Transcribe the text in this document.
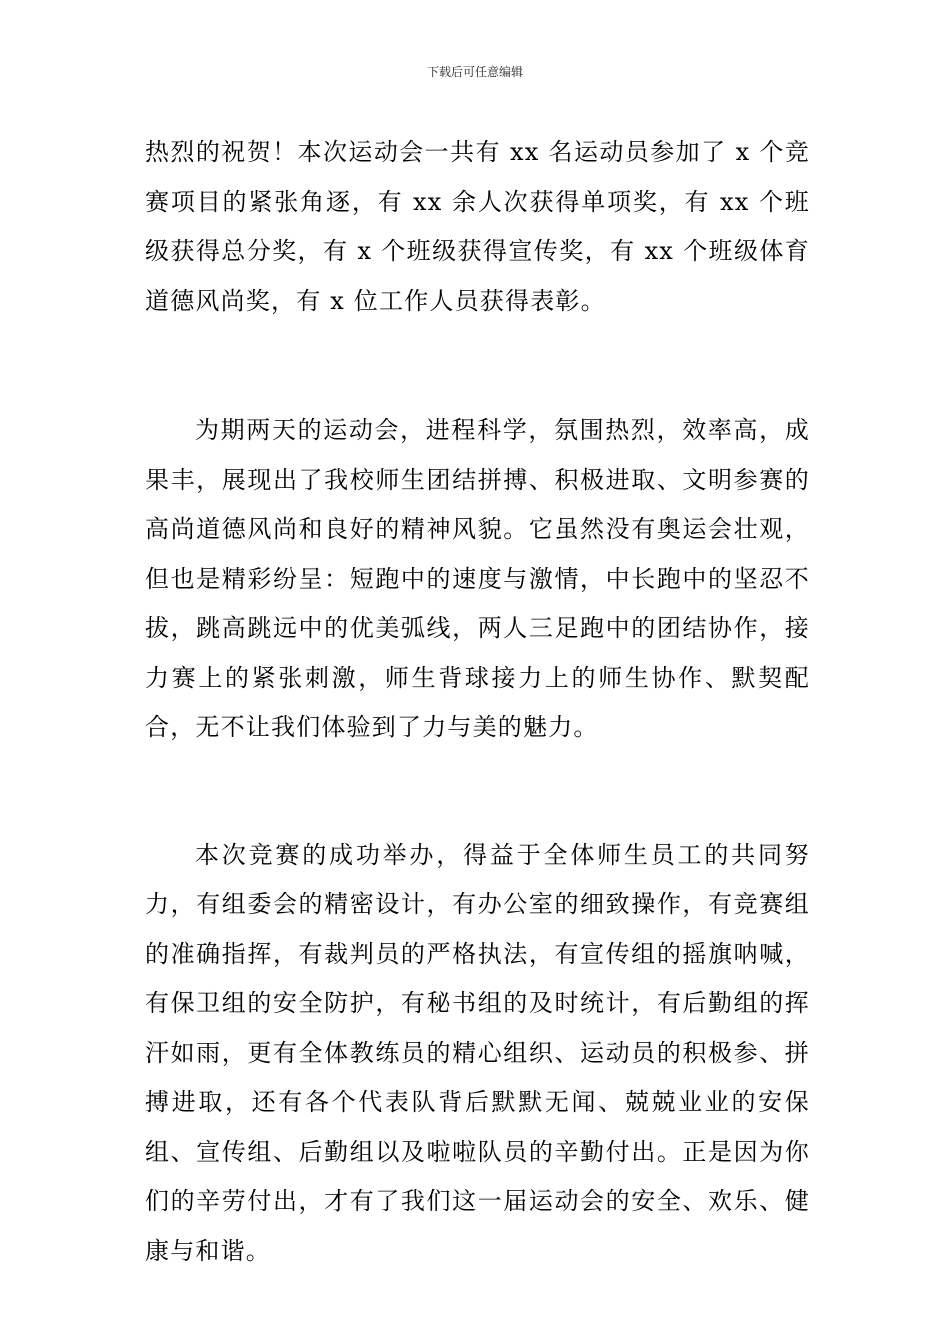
下载后可任意编辑

热烈的祝贺！本次运动会一共有 xx 名运动员参加了 x 个竞赛项目的紧张角逐，有 xx 余人次获得单项奖，有 xx 个班级获得总分奖，有 x 个班级获得宣传奖，有 xx 个班级体育道德风尚奖，有 x 位工作人员获得表彰。

为期两天的运动会，进程科学，氛围热烈，效率高，成果丰，展现出了我校师生团结拼搏、积极进取、文明参赛的高尚道德风尚和良好的精神风貌。它虽然没有奥运会壮观，但也是精彩纷呈：短跑中的速度与激情，中长跑中的坚忍不拔，跳高跳远中的优美弧线，两人三足跑中的团结协作，接力赛上的紧张刺激，师生背球接力上的师生协作、默契配合，无不让我们体验到了力与美的魅力。

本次竞赛的成功举办，得益于全体师生员工的共同努力，有组委会的精密设计，有办公室的细致操作，有竞赛组的准确指挥，有裁判员的严格执法，有宣传组的摇旗呐喊，有保卫组的安全防护，有秘书组的及时统计，有后勤组的挥汗如雨，更有全体教练员的精心组织、运动员的积极参、拼搏进取，还有各个代表队背后默默无闻、兢兢业业的安保组、宣传组、后勤组以及啦啦队员的辛勤付出。正是因为你们的辛劳付出，才有了我们这一届运动会的安全、欢乐、健康与和谐。
